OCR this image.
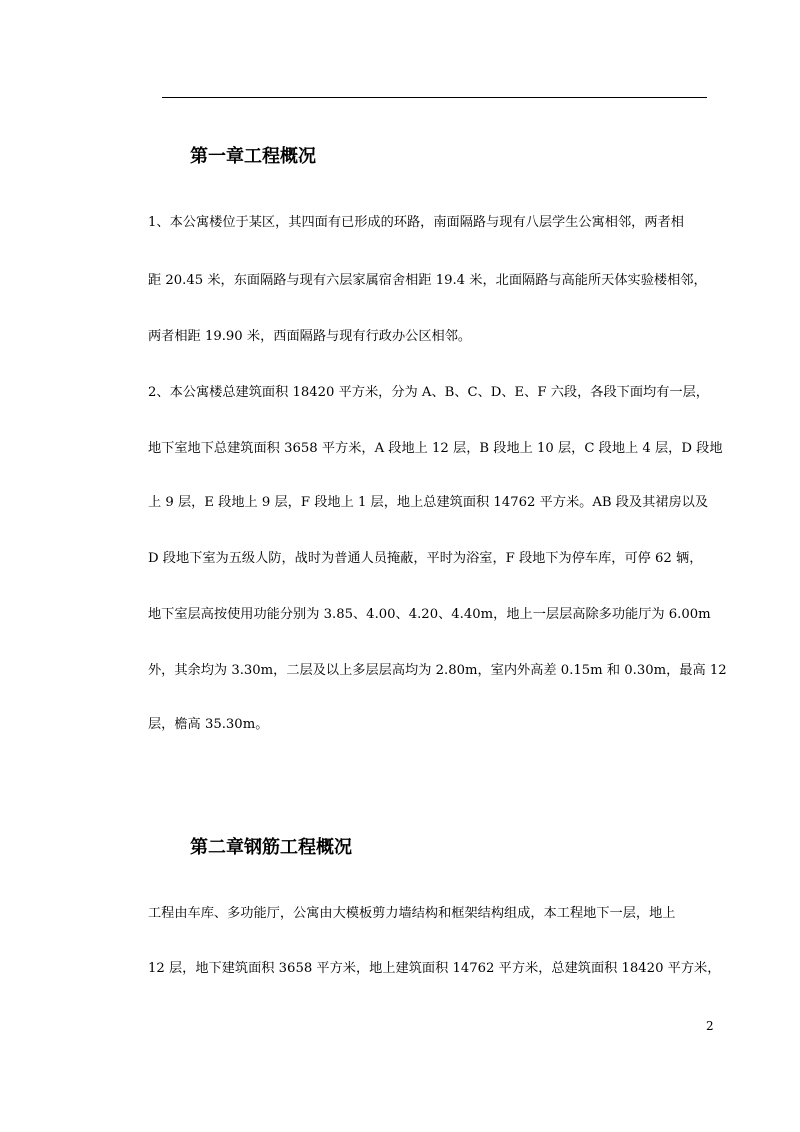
第一章工程概况
1、本公寓楼位于某区，其四面有已形成的环路，南面隔路与现有八层学生公寓相邻，两者相
距 20.45 米，东面隔路与现有六层家属宿舍相距 19.4 米，北面隔路与高能所天体实验楼相邻，
两者相距 19.90 米，西面隔路与现有行政办公区相邻。
2、本公寓楼总建筑面积 18420 平方米，分为 A、B、C、D、E、F 六段，各段下面均有一层，
地下室地下总建筑面积 3658 平方米，A 段地上 12 层，B 段地上 10 层，C 段地上 4 层，D 段地
上 9 层，E 段地上 9 层，F 段地上 1 层，地上总建筑面积 14762 平方米。AB 段及其裙房以及
D 段地下室为五级人防，战时为普通人员掩蔽，平时为浴室，F 段地下为停车库，可停 62 辆，
地下室层高按使用功能分别为 3.85、4.00、4.20、4.40m，地上一层层高除多功能厅为 6.00m
外，其余均为 3.30m，二层及以上多层层高均为 2.80m，室内外高差 0.15m 和 0.30m，最高 12
层，檐高 35.30m。
第二章钢筋工程概况
工程由车库、多功能厅，公寓由大模板剪力墙结构和框架结构组成，本工程地下一层，地上
12 层，地下建筑面积 3658 平方米，地上建筑面积 14762 平方米，总建筑面积 18420 平方米，
2
